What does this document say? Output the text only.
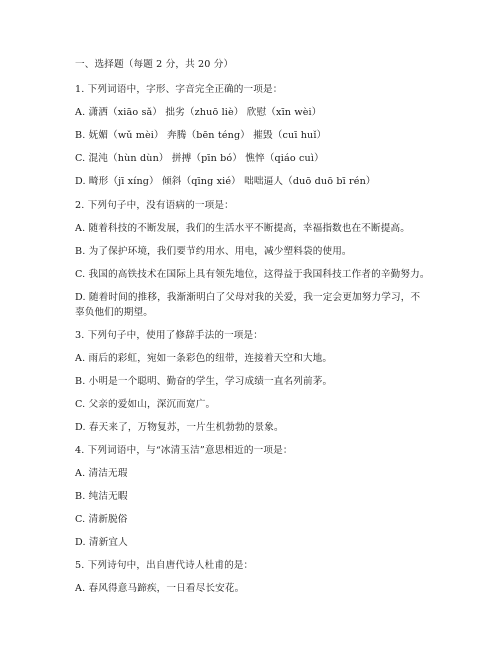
一、选择题（每题 2 分，共 20 分）
1. 下列词语中，字形、字音完全正确的一项是：
A. 潇洒（xiāo sǎ） 拙劣（zhuō liè） 欣慰（xīn wèi）
B. 妩媚（wǔ mèi） 奔腾（bēn téng） 摧毁（cuī huǐ）
C. 混沌（hùn dùn） 拼搏（pīn bó） 憔悴（qiáo cuì）
D. 畸形（jī xíng） 倾斜（qīng xié） 咄咄逼人（duō duō bī rén）
2. 下列句子中，没有语病的一项是：
A. 随着科技的不断发展，我们的生活水平不断提高，幸福指数也在不断提高。
B. 为了保护环境，我们要节约用水、用电，减少塑料袋的使用。
C. 我国的高铁技术在国际上具有领先地位，这得益于我国科技工作者的辛勤努力。
D. 随着时间的推移，我渐渐明白了父母对我的关爱，我一定会更加努力学习，不
辜负他们的期望。
3. 下列句子中，使用了修辞手法的一项是：
A. 雨后的彩虹，宛如一条彩色的纽带，连接着天空和大地。
B. 小明是一个聪明、勤奋的学生，学习成绩一直名列前茅。
C. 父亲的爱如山，深沉而宽广。
D. 春天来了，万物复苏，一片生机勃勃的景象。
4. 下列词语中，与“冰清玉洁”意思相近的一项是：
A. 清洁无瑕
B. 纯洁无暇
C. 清新脱俗
D. 清新宜人
5. 下列诗句中，出自唐代诗人杜甫的是：
A. 春风得意马蹄疾，一日看尽长安花。
